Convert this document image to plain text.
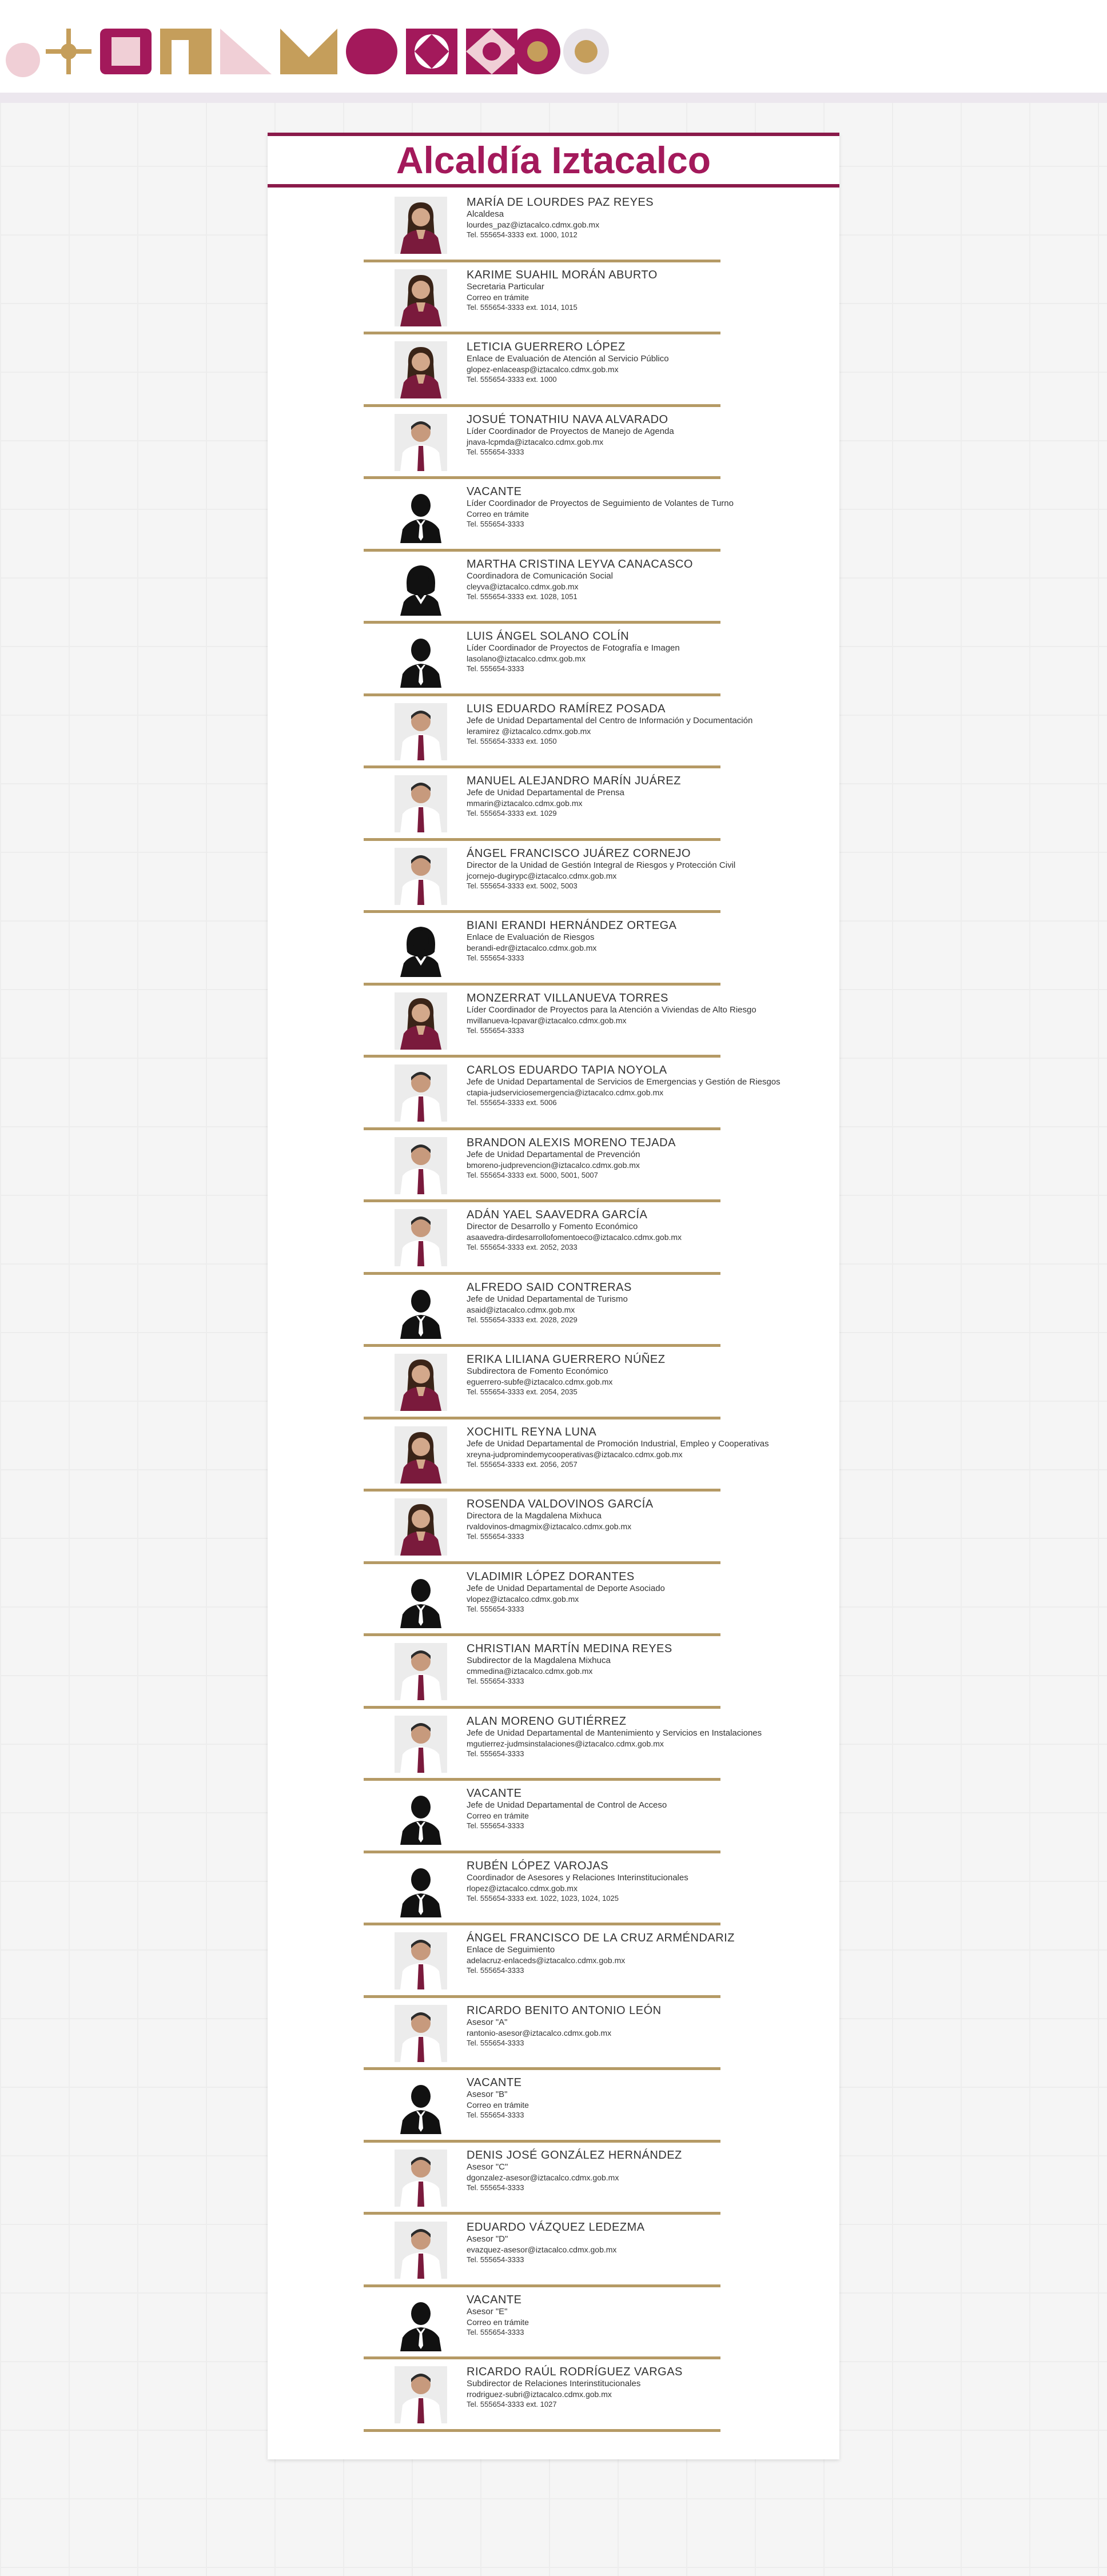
Alcaldía Iztacalco
MARÍA DE LOURDES PAZ REYES
Alcaldesa
lourdes_paz@iztacalco.cdmx.gob.mx
Tel. 555654-3333 ext. 1000, 1012
KARIME SUAHIL MORÁN ABURTO
Secretaria Particular
Correo en trámite
Tel. 555654-3333 ext. 1014, 1015
LETICIA GUERRERO LÓPEZ
Enlace de Evaluación de Atención al Servicio Público
glopez-enlaceasp@iztacalco.cdmx.gob.mx
Tel. 555654-3333 ext. 1000
JOSUÉ TONATHIU NAVA ALVARADO
Líder Coordinador de Proyectos de Manejo de Agenda
jnava-lcpmda@iztacalco.cdmx.gob.mx
Tel. 555654-3333
VACANTE
Líder Coordinador de Proyectos de Seguimiento de Volantes de Turno
Correo en trámite
Tel. 555654-3333
MARTHA CRISTINA LEYVA CANACASCO
Coordinadora de Comunicación Social
cleyva@iztacalco.cdmx.gob.mx
Tel. 555654-3333 ext. 1028, 1051
LUIS ÁNGEL SOLANO COLÍN
Líder Coordinador de Proyectos de Fotografía e Imagen
lasolano@iztacalco.cdmx.gob.mx
Tel. 555654-3333
LUIS EDUARDO RAMÍREZ POSADA
Jefe de Unidad Departamental del Centro de Información y Documentación
leramirez @iztacalco.cdmx.gob.mx
Tel. 555654-3333 ext. 1050
MANUEL ALEJANDRO MARÍN JUÁREZ
Jefe de Unidad Departamental de Prensa
mmarin@iztacalco.cdmx.gob.mx
Tel. 555654-3333 ext. 1029
ÁNGEL FRANCISCO JUÁREZ CORNEJO
Director de la Unidad de Gestión Integral de Riesgos y Protección Civil
jcornejo-dugirypc@iztacalco.cdmx.gob.mx
Tel. 555654-3333 ext. 5002, 5003
BIANI ERANDI HERNÁNDEZ ORTEGA
Enlace de Evaluación de Riesgos
berandi-edr@iztacalco.cdmx.gob.mx
Tel. 555654-3333
MONZERRAT VILLANUEVA TORRES
Líder Coordinador de Proyectos para la Atención a Viviendas de Alto Riesgo
mvillanueva-lcpavar@iztacalco.cdmx.gob.mx
Tel. 555654-3333
CARLOS EDUARDO TAPIA NOYOLA
Jefe de Unidad Departamental de Servicios de Emergencias y Gestión de Riesgos
ctapia-judserviciosemergencia@iztacalco.cdmx.gob.mx
Tel. 555654-3333 ext. 5006
BRANDON ALEXIS MORENO TEJADA
Jefe de Unidad Departamental de Prevención
bmoreno-judprevencion@iztacalco.cdmx.gob.mx
Tel. 555654-3333 ext. 5000, 5001, 5007
ADÁN YAEL SAAVEDRA GARCÍA
Director de Desarrollo y Fomento Económico
asaavedra-dirdesarrollofomentoeco@iztacalco.cdmx.gob.mx
Tel. 555654-3333 ext. 2052, 2033
ALFREDO SAID CONTRERAS
Jefe de Unidad Departamental de Turismo
asaid@iztacalco.cdmx.gob.mx
Tel. 555654-3333 ext. 2028, 2029
ERIKA LILIANA GUERRERO NÚÑEZ
Subdirectora de Fomento Económico
eguerrero-subfe@iztacalco.cdmx.gob.mx
Tel. 555654-3333 ext. 2054, 2035
XOCHITL REYNA LUNA
Jefe de Unidad Departamental de Promoción Industrial, Empleo y Cooperativas
xreyna-judpromindemycooperativas@iztacalco.cdmx.gob.mx
Tel. 555654-3333 ext. 2056, 2057
ROSENDA VALDOVINOS GARCÍA
Directora de la Magdalena Mixhuca
rvaldovinos-dmagmix@iztacalco.cdmx.gob.mx
Tel. 555654-3333
VLADIMIR LÓPEZ DORANTES
Jefe de Unidad Departamental de Deporte Asociado
vlopez@iztacalco.cdmx.gob.mx
Tel. 555654-3333
CHRISTIAN MARTÍN MEDINA REYES
Subdirector de la Magdalena Mixhuca
cmmedina@iztacalco.cdmx.gob.mx
Tel. 555654-3333
ALAN MORENO GUTIÉRREZ
Jefe de Unidad Departamental de Mantenimiento y Servicios en Instalaciones
mgutierrez-judmsinstalaciones@iztacalco.cdmx.gob.mx
Tel. 555654-3333
VACANTE
Jefe de Unidad Departamental de Control de Acceso
Correo en trámite
Tel. 555654-3333
RUBÉN LÓPEZ VAROJAS
Coordinador de Asesores y Relaciones Interinstitucionales
rlopez@iztacalco.cdmx.gob.mx
Tel. 555654-3333 ext. 1022, 1023, 1024, 1025
ÁNGEL FRANCISCO DE LA CRUZ ARMÉNDARIZ
Enlace de Seguimiento
adelacruz-enlaceds@iztacalco.cdmx.gob.mx
Tel. 555654-3333
RICARDO BENITO ANTONIO LEÓN
Asesor "A"
rantonio-asesor@iztacalco.cdmx.gob.mx
Tel. 555654-3333
VACANTE
Asesor "B"
Correo en trámite
Tel. 555654-3333
DENIS JOSÉ GONZÁLEZ HERNÁNDEZ
Asesor "C"
dgonzalez-asesor@iztacalco.cdmx.gob.mx
Tel. 555654-3333
EDUARDO VÁZQUEZ LEDEZMA
Asesor "D"
evazquez-asesor@iztacalco.cdmx.gob.mx
Tel. 555654-3333
VACANTE
Asesor "E"
Correo en trámite
Tel. 555654-3333
RICARDO RAÚL RODRÍGUEZ VARGAS
Subdirector de Relaciones Interinstitucionales
rrodriguez-subri@iztacalco.cdmx.gob.mx
Tel. 555654-3333 ext. 1027
